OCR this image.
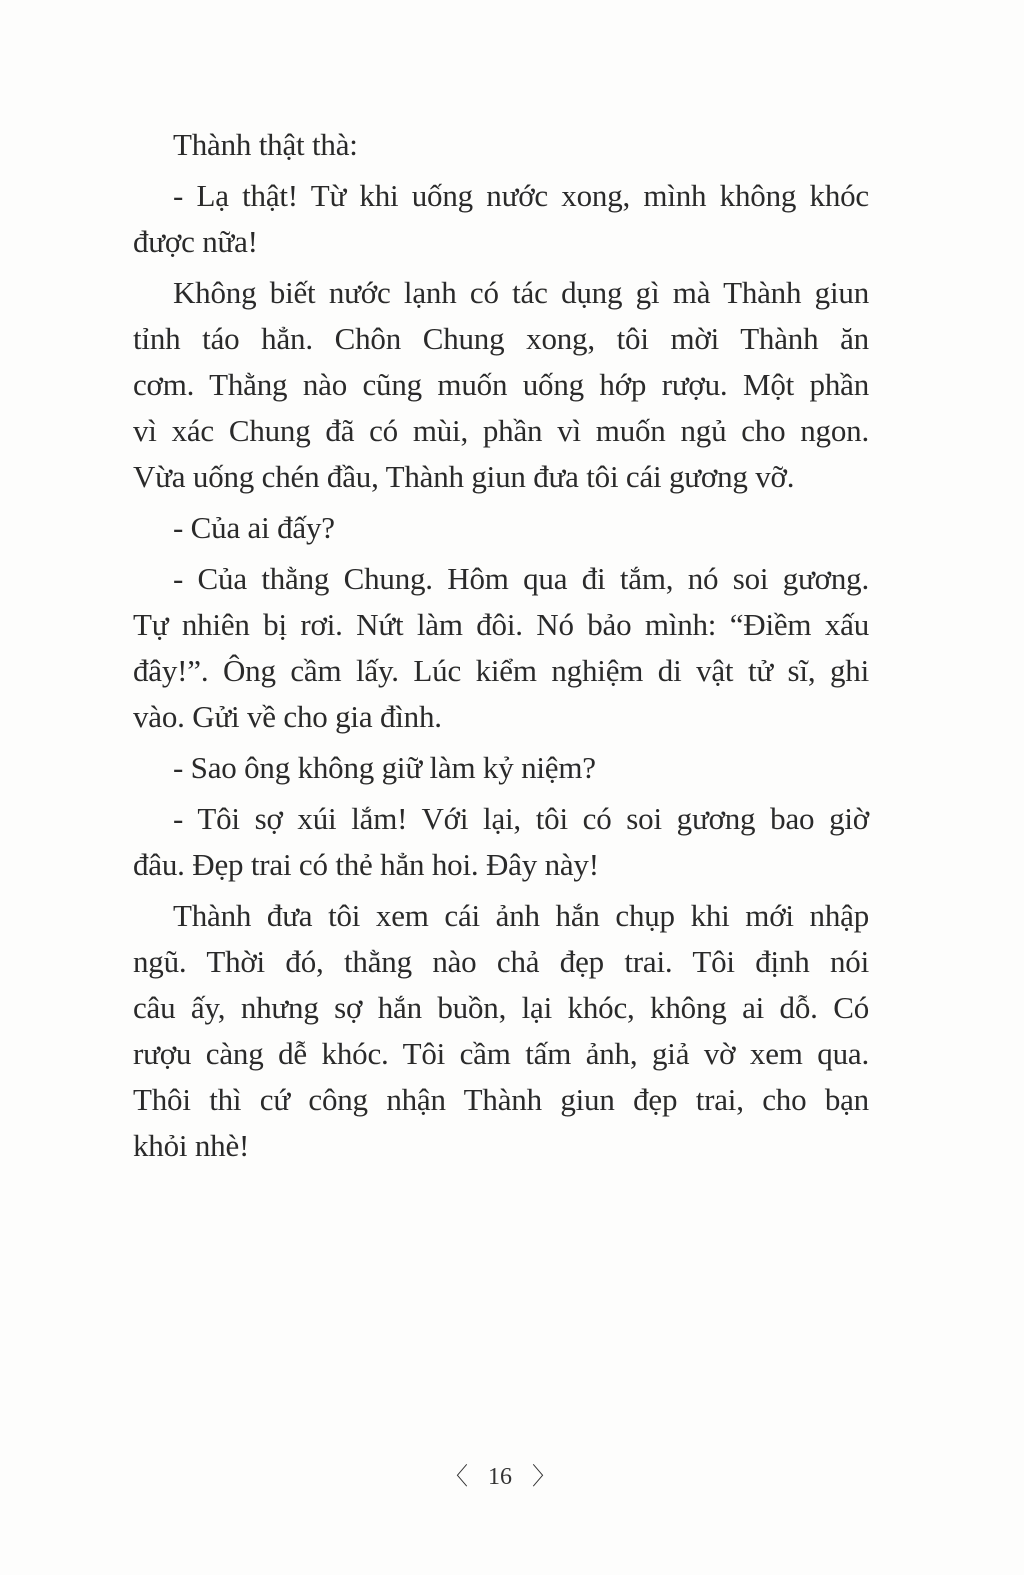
Thành thật thà:
- Lạ thật! Từ khi uống nước xong, mình không khóc
được nữa!
Không biết nước lạnh có tác dụng gì mà Thành giun
tỉnh táo hẳn. Chôn Chung xong, tôi mời Thành ăn
cơm. Thằng nào cũng muốn uống hớp rượu. Một phần
vì xác Chung đã có mùi, phần vì muốn ngủ cho ngon.
Vừa uống chén đầu, Thành giun đưa tôi cái gương vỡ.
- Của ai đấy?
- Của thằng Chung. Hôm qua đi tắm, nó soi gương.
Tự nhiên bị rơi. Nứt làm đôi. Nó bảo mình: “Điềm xấu
đây!”. Ông cầm lấy. Lúc kiểm nghiệm di vật tử sĩ, ghi
vào. Gửi về cho gia đình.
- Sao ông không giữ làm kỷ niệm?
- Tôi sợ xúi lắm! Với lại, tôi có soi gương bao giờ
đâu. Đẹp trai có thẻ hẳn hoi. Đây này!
Thành đưa tôi xem cái ảnh hắn chụp khi mới nhập
ngũ. Thời đó, thằng nào chả đẹp trai. Tôi định nói
câu ấy, nhưng sợ hắn buồn, lại khóc, không ai dỗ. Có
rượu càng dễ khóc. Tôi cầm tấm ảnh, giả vờ xem qua.
Thôi thì cứ công nhận Thành giun đẹp trai, cho bạn
khỏi nhè!
〈 16 〉
